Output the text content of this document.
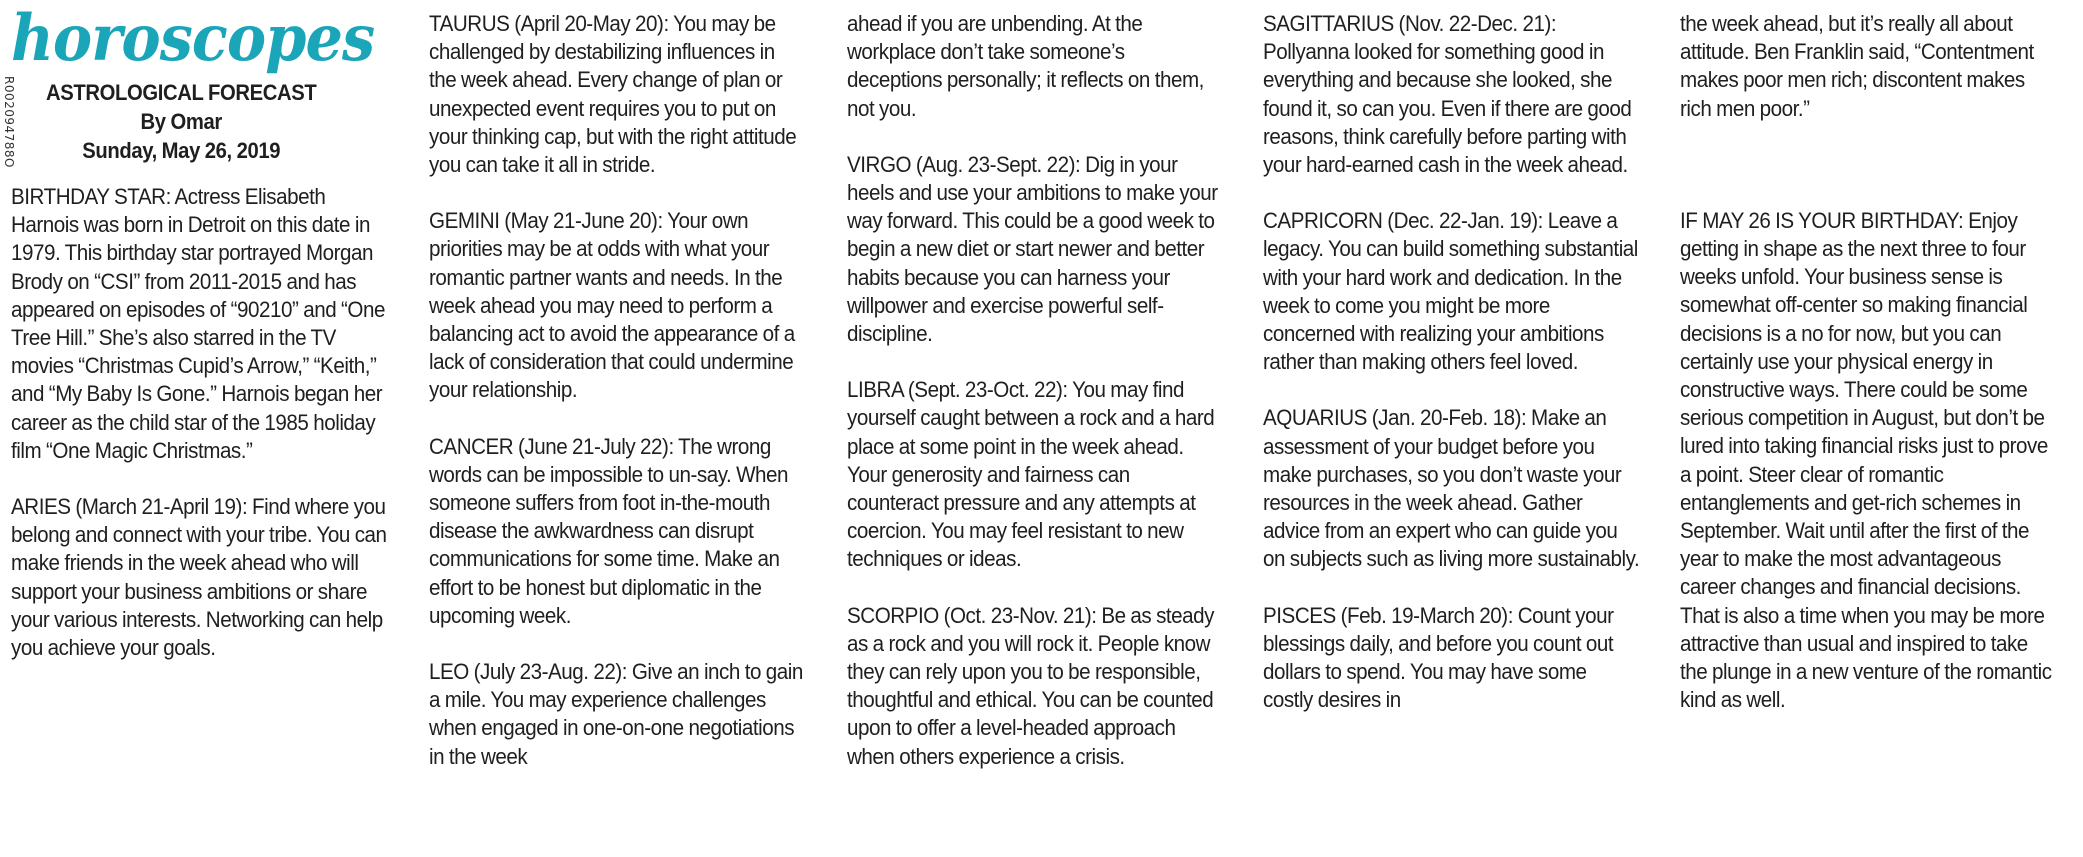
R002094788O
horoscopes
ASTROLOGICAL FORECAST
By Omar
Sunday, May 26, 2019

BIRTHDAY STAR: Actress Elisabeth Harnois was born in Detroit on this date in 1979. This birthday star portrayed Morgan Brody on “CSI” from 2011-2015 and has appeared on episodes of “90210” and “One Tree Hill.” She’s also starred in the TV movies “Christmas Cupid’s Arrow,” “Keith,” and “My Baby Is Gone.” Harnois began her career as the child star of the 1985 holiday film “One Magic Christmas.”

ARIES (March 21-April 19): Find where you belong and connect with your tribe. You can make friends in the week ahead who will support your business ambitions or share your various interests. Networking can help you achieve your goals.

TAURUS (April 20-May 20): You may be challenged by destabilizing influences in the week ahead. Every change of plan or unexpected event requires you to put on your thinking cap, but with the right attitude you can take it all in stride.

GEMINI (May 21-June 20): Your own priorities may be at odds with what your romantic partner wants and needs. In the week ahead you may need to perform a balancing act to avoid the appearance of a lack of consideration that could undermine your relationship.

CANCER (June 21-July 22): The wrong words can be impossible to un-say. When someone suffers from foot in-the-mouth disease the awkwardness can disrupt communications for some time. Make an effort to be honest but diplomatic in the upcoming week.

LEO (July 23-Aug. 22): Give an inch to gain a mile. You may experience challenges when engaged in one-on-one negotiations in the week

ahead if you are unbending. At the workplace don’t take someone’s deceptions personally; it reflects on them, not you.

VIRGO (Aug. 23-Sept. 22): Dig in your heels and use your ambitions to make your way forward. This could be a good week to begin a new diet or start newer and better habits because you can harness your willpower and exercise powerful self-discipline.

LIBRA (Sept. 23-Oct. 22): You may find yourself caught between a rock and a hard place at some point in the week ahead. Your generosity and fairness can counteract pressure and any attempts at coercion. You may feel resistant to new techniques or ideas.

SCORPIO (Oct. 23-Nov. 21): Be as steady as a rock and you will rock it. People know they can rely upon you to be responsible, thoughtful and ethical. You can be counted upon to offer a level-headed approach when others experience a crisis.

SAGITTARIUS (Nov. 22-Dec. 21): Pollyanna looked for something good in everything and because she looked, she found it, so can you. Even if there are good reasons, think carefully before parting with your hard-earned cash in the week ahead.

CAPRICORN (Dec. 22-Jan. 19): Leave a legacy. You can build something substantial with your hard work and dedication. In the week to come you might be more concerned with realizing your ambitions rather than making others feel loved.

AQUARIUS (Jan. 20-Feb. 18): Make an assessment of your budget before you make purchases, so you don’t waste your resources in the week ahead. Gather advice from an expert who can guide you on subjects such as living more sustainably.

PISCES (Feb. 19-March 20): Count your blessings daily, and before you count out dollars to spend. You may have some costly desires in

the week ahead, but it’s really all about attitude. Ben Franklin said, “Contentment makes poor men rich; discontent makes rich men poor.”

IF MAY 26 IS YOUR BIRTHDAY: Enjoy getting in shape as the next three to four weeks unfold. Your business sense is somewhat off-center so making financial decisions is a no for now, but you can certainly use your physical energy in constructive ways. There could be some serious competition in August, but don’t be lured into taking financial risks just to prove a point. Steer clear of romantic entanglements and get-rich schemes in September. Wait until after the first of the year to make the most advantageous career changes and financial decisions. That is also a time when you may be more attractive than usual and inspired to take the plunge in a new venture of the romantic kind as well.
